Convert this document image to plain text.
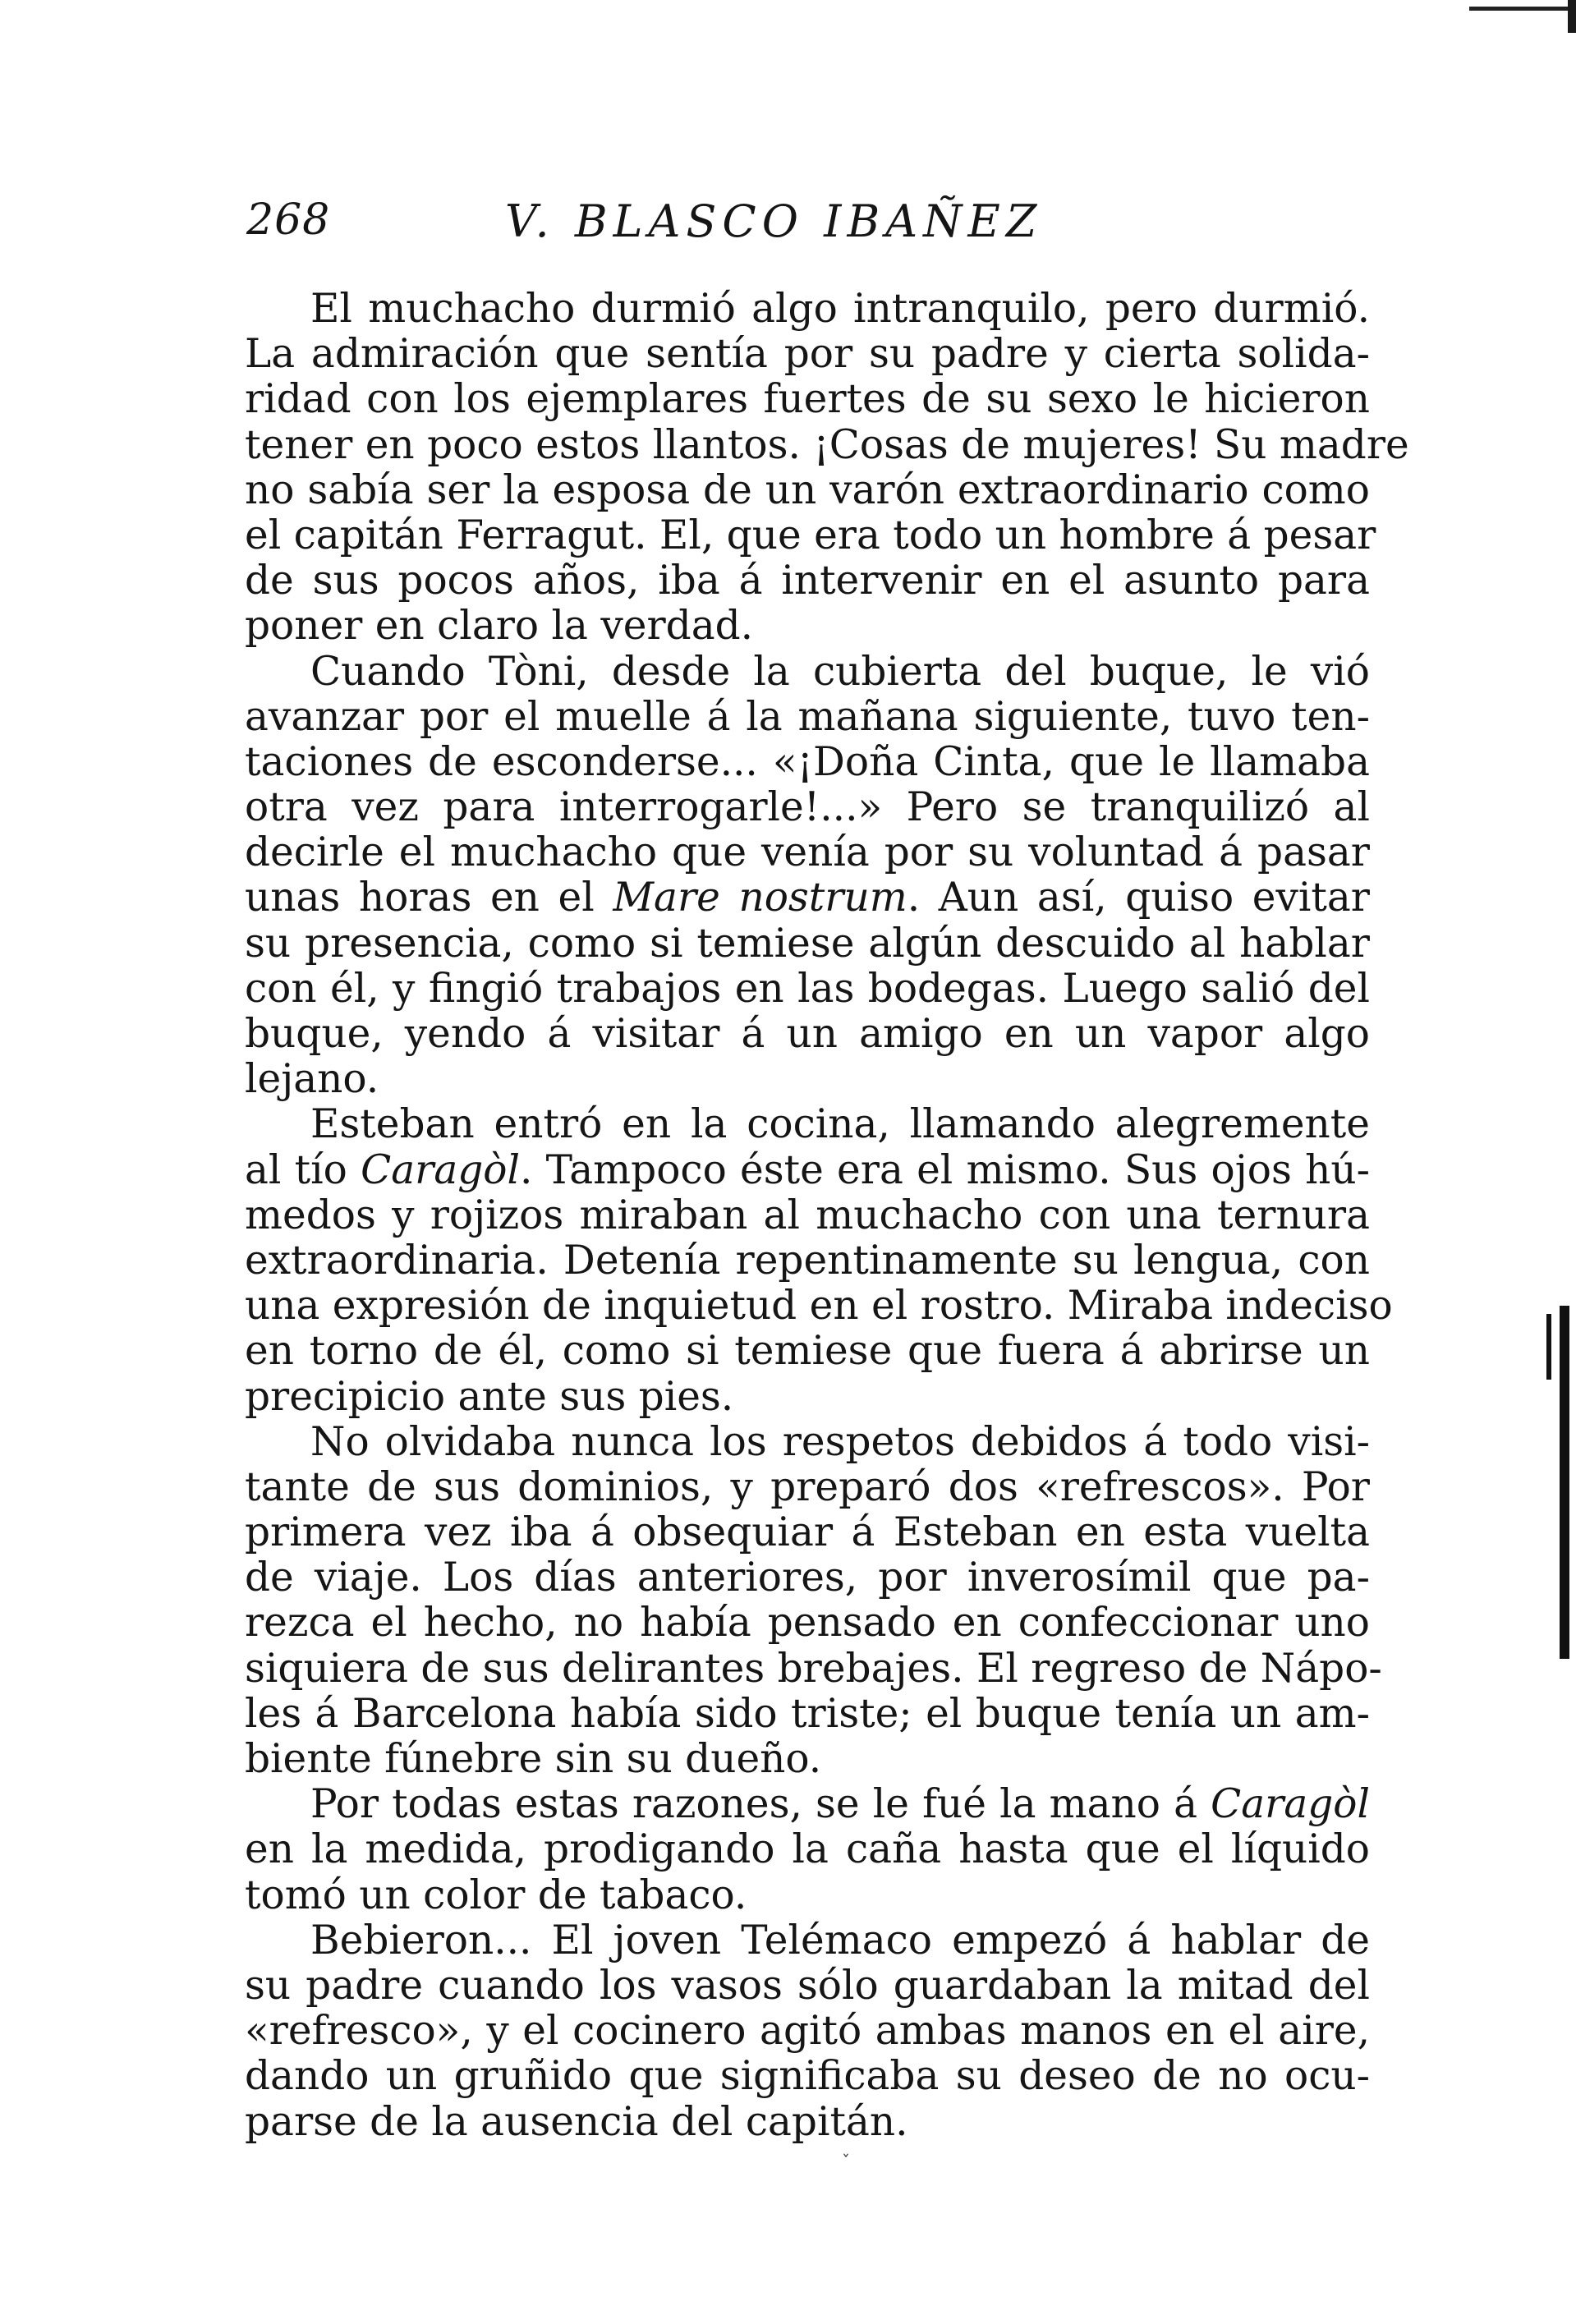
ˇ
268	V. BLASCO IBAÑEZ
El muchacho durmió algo intranquilo, pero durmió.
La admiración que sentía por su padre y cierta solida-
ridad con los ejemplares fuertes de su sexo le hicieron
tener en poco estos llantos. ¡Cosas de mujeres! Su madre
no sabía ser la esposa de un varón extraordinario como
el capitán Ferragut. El, que era todo un hombre á pesar
de sus pocos años, iba á intervenir en el asunto para
poner en claro la verdad.
Cuando Tòni, desde la cubierta del buque, le vió
avanzar por el muelle á la mañana siguiente, tuvo ten-
taciones de esconderse... «¡Doña Cinta, que le llamaba
otra vez para interrogarle!...» Pero se tranquilizó al
decirle el muchacho que venía por su voluntad á pasar
unas horas en el Mare nostrum. Aun así, quiso evitar
su presencia, como si temiese algún descuido al hablar
con él, y fingió trabajos en las bodegas. Luego salió del
buque, yendo á visitar á un amigo en un vapor algo
lejano.
Esteban entró en la cocina, llamando alegremente
al tío Caragòl. Tampoco éste era el mismo. Sus ojos hú-
medos y rojizos miraban al muchacho con una ternura
extraordinaria. Detenía repentinamente su lengua, con
una expresión de inquietud en el rostro. Miraba indeciso
en torno de él, como si temiese que fuera á abrirse un
precipicio ante sus pies.
No olvidaba nunca los respetos debidos á todo visi-
tante de sus dominios, y preparó dos «refrescos». Por
primera vez iba á obsequiar á Esteban en esta vuelta
de viaje. Los días anteriores, por inverosímil que pa-
rezca el hecho, no había pensado en confeccionar uno
siquiera de sus delirantes brebajes. El regreso de Nápo-
les á Barcelona había sido triste; el buque tenía un am-
biente fúnebre sin su dueño.
Por todas estas razones, se le fué la mano á Caragòl
en la medida, prodigando la caña hasta que el líquido
tomó un color de tabaco.
Bebieron... El joven Telémaco empezó á hablar de
su padre cuando los vasos sólo guardaban la mitad del
«refresco», y el cocinero agitó ambas manos en el aire,
dando un gruñido que significaba su deseo de no ocu-
parse de la ausencia del capitán.
